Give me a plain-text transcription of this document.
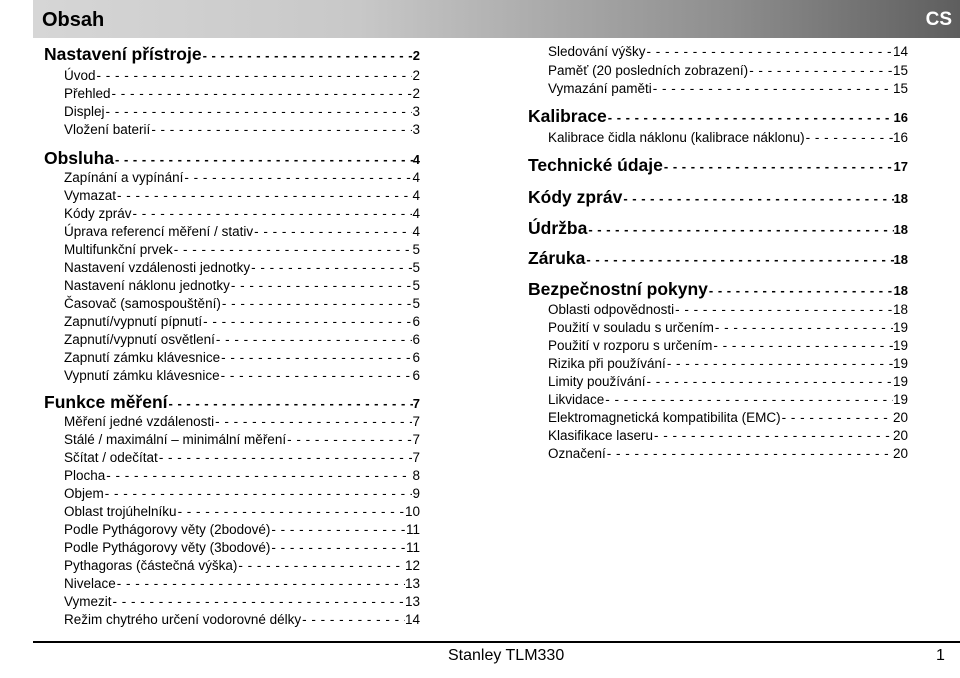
Obsah	CS
Nastavení přístroje - - -	2
Úvod - - -	2
Přehled - - -	2
Displej - - -	3
Vložení baterií - - -	3
Obsluha - - -	4
Zapínání a vypínání - - -	4
Vymazat - - -	4
Kódy zpráv - - -	4
Úprava referencí měření / stativ - - -	4
Multifunkční prvek - - -	5
Nastavení vzdálenosti jednotky - - -	5
Nastavení náklonu jednotky - - -	5
Časovač (samospouštění) - - -	5
Zapnutí/vypnutí pípnutí - - -	6
Zapnutí/vypnutí osvětlení - - -	6
Zapnutí zámku klávesnice - - -	6
Vypnutí zámku klávesnice - - -	6
Funkce měření - - -	7
Měření jedné vzdálenosti - - -	7
Stálé / maximální – minimální měření - - -	7
Sčítat / odečítat - - -	7
Plocha - - -	8
Objem - - -	9
Oblast trojúhelníku - - -	10
Podle Pythágorovy věty (2bodové) - - -	11
Podle Pythágorovy věty (3bodové) - - -	11
Pythagoras (částečná výška) - - -	12
Nivelace - - -	13
Vymezit - - -	13
Režim chytrého určení vodorovné délky - - -	14
Sledování výšky - - -	14
Paměť (20 posledních zobrazení) - - -	15
Vymazání paměti - - -	15
Kalibrace - - -	16
Kalibrace čidla náklonu (kalibrace náklonu) - - -	16
Technické údaje - - -	17
Kódy zpráv - - -	18
Údržba - - -	18
Záruka - - -	18
Bezpečnostní pokyny - - -	18
Oblasti odpovědnosti - - -	18
Použití v souladu s určením - - -	19
Použití v rozporu s určením - - -	19
Rizika při používání - - -	19
Limity používání - - -	19
Likvidace - - -	19
Elektromagnetická kompatibilita (EMC) - - -	20
Klasifikace laseru - - -	20
Označení - - -	20
Stanley TLM330	1
